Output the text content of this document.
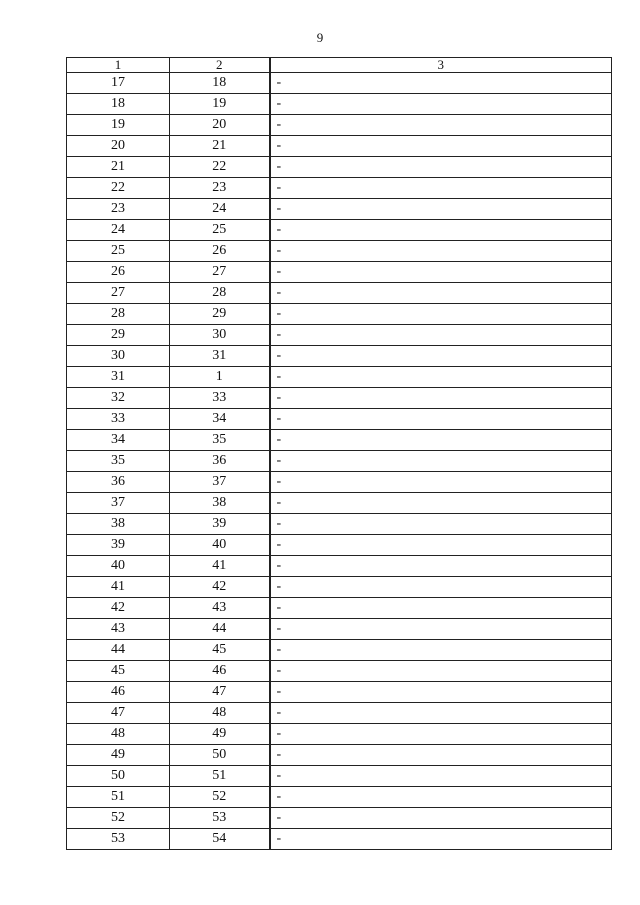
9
1	2	3
17	18	-
18	19	-
19	20	-
20	21	-
21	22	-
22	23	-
23	24	-
24	25	-
25	26	-
26	27	-
27	28	-
28	29	-
29	30	-
30	31	-
31	1	-
32	33	-
33	34	-
34	35	-
35	36	-
36	37	-
37	38	-
38	39	-
39	40	-
40	41	-
41	42	-
42	43	-
43	44	-
44	45	-
45	46	-
46	47	-
47	48	-
48	49	-
49	50	-
50	51	-
51	52	-
52	53	-
53	54	-
